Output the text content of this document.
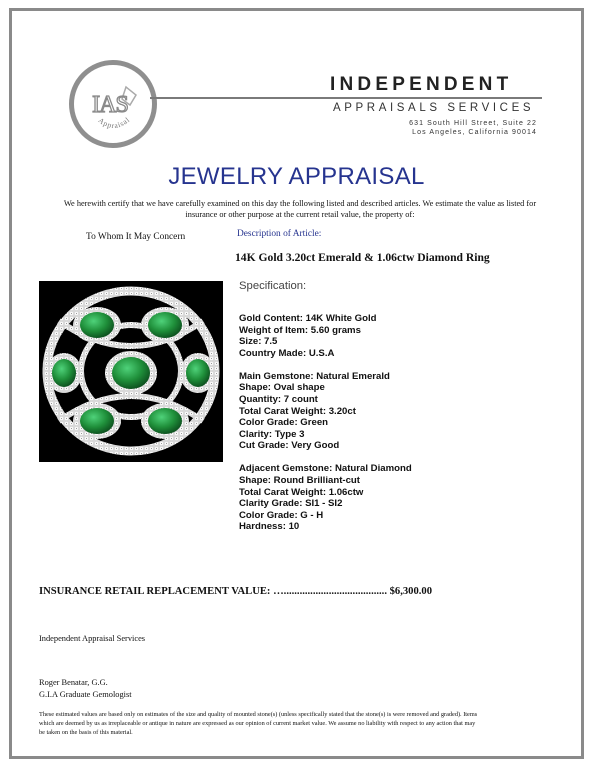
IAS
Appraisal
INDEPENDENT
APPRAISALS SERVICES
631 South Hill Street, Suite 22
Los Angeles, California 90014
JEWELRY APPRAISAL
We herewith certify that we have carefully examined on this day the following listed and described articles. We estimate the value as listed for insurance or other purpose at the current retail value, the property of:
To Whom It May Concern	Description of Article:
14K Gold 3.20ct Emerald & 1.06ctw Diamond Ring
Specification:
Gold Content: 14K White Gold
Weight of Item: 5.60 grams
Size: 7.5
Country Made: U.S.A
Main Gemstone: Natural Emerald
Shape: Oval shape
Quantity: 7 count
Total Carat Weight: 3.20ct
Color Grade: Green
Clarity: Type 3
Cut Grade: Very Good
Adjacent Gemstone: Natural Diamond
Shape: Round Brilliant-cut
Total Carat Weight: 1.06ctw
Clarity Grade: SI1 - SI2
Color Grade: G - H
Hardness: 10
INSURANCE RETAIL REPLACEMENT VALUE: …....................................... $6,300.00
Independent Appraisal Services
Roger Benatar, G.G.
G.I.A Graduate Gemologist
These estimated values are based only on estimates of the size and quality of mounted stone(s) (unless specifically stated that the stone(s) is were removed and graded). Items which are deemed by us as irreplaceable or antique in nature are expressed as our opinion of current market value. We assume no liability with respect to any action that may be taken on the basis of this material.
